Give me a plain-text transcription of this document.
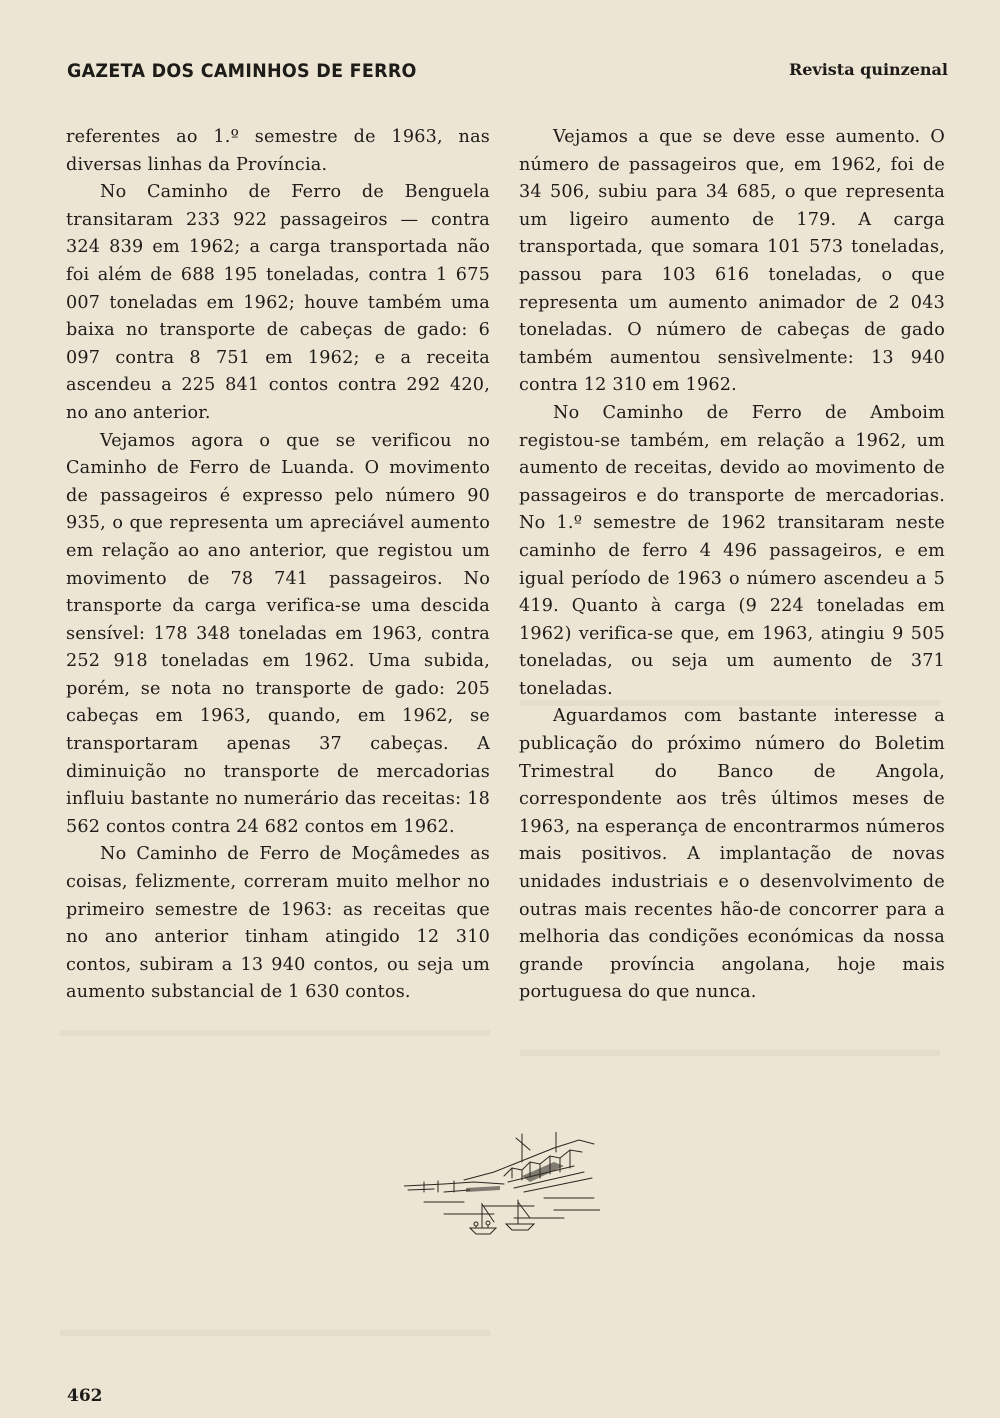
GAZETA DOS CAMINHOS DE FERRO	Revista quinzenal

referentes ao 1.º semestre de 1963, nas diversas linhas da Província.

No Caminho de Ferro de Benguela transitaram 233 922 passageiros — contra 324 839 em 1962; a carga transportada não foi além de 688 195 toneladas, contra 1 675 007 toneladas em 1962; houve também uma baixa no transporte de cabeças de gado: 6 097 contra 8 751 em 1962; e a receita ascendeu a 225 841 contos contra 292 420, no ano anterior.

Vejamos agora o que se verificou no Caminho de Ferro de Luanda. O movimento de passageiros é expresso pelo número 90 935, o que representa um apreciável aumento em relação ao ano anterior, que registou um movimento de 78 741 passageiros. No transporte da carga verifica-se uma descida sensível: 178 348 toneladas em 1963, contra 252 918 toneladas em 1962. Uma subida, porém, se nota no transporte de gado: 205 cabeças em 1963, quando, em 1962, se transportaram apenas 37 cabeças. A diminuição no transporte de mercadorias influiu bastante no numerário das receitas: 18 562 contos contra 24 682 contos em 1962.

No Caminho de Ferro de Moçâmedes as coisas, felizmente, correram muito melhor no primeiro semestre de 1963: as receitas que no ano anterior tinham atingido 12 310 contos, subiram a 13 940 contos, ou seja um aumento substancial de 1 630 contos.

Vejamos a que se deve esse aumento. O número de passageiros que, em 1962, foi de 34 506, subiu para 34 685, o que representa um ligeiro aumento de 179. A carga transportada, que somara 101 573 toneladas, passou para 103 616 toneladas, o que representa um aumento animador de 2 043 toneladas. O número de cabeças de gado também aumentou sensìvelmente: 13 940 contra 12 310 em 1962.

No Caminho de Ferro de Amboim registou-se também, em relação a 1962, um aumento de receitas, devido ao movimento de passageiros e do transporte de mercadorias. No 1.º semestre de 1962 transitaram neste caminho de ferro 4 496 passageiros, e em igual período de 1963 o número ascendeu a 5 419. Quanto à carga (9 224 toneladas em 1962) verifica-se que, em 1963, atingiu 9 505 toneladas, ou seja um aumento de 371 toneladas.

Aguardamos com bastante interesse a publicação do próximo número do Boletim Trimestral do Banco de Angola, correspondente aos três últimos meses de 1963, na esperança de encontrarmos números mais positivos. A implantação de novas unidades industriais e o desenvolvimento de outras mais recentes hão-de concorrer para a melhoria das condições económicas da nossa grande província angolana, hoje mais portuguesa do que nunca.

462
